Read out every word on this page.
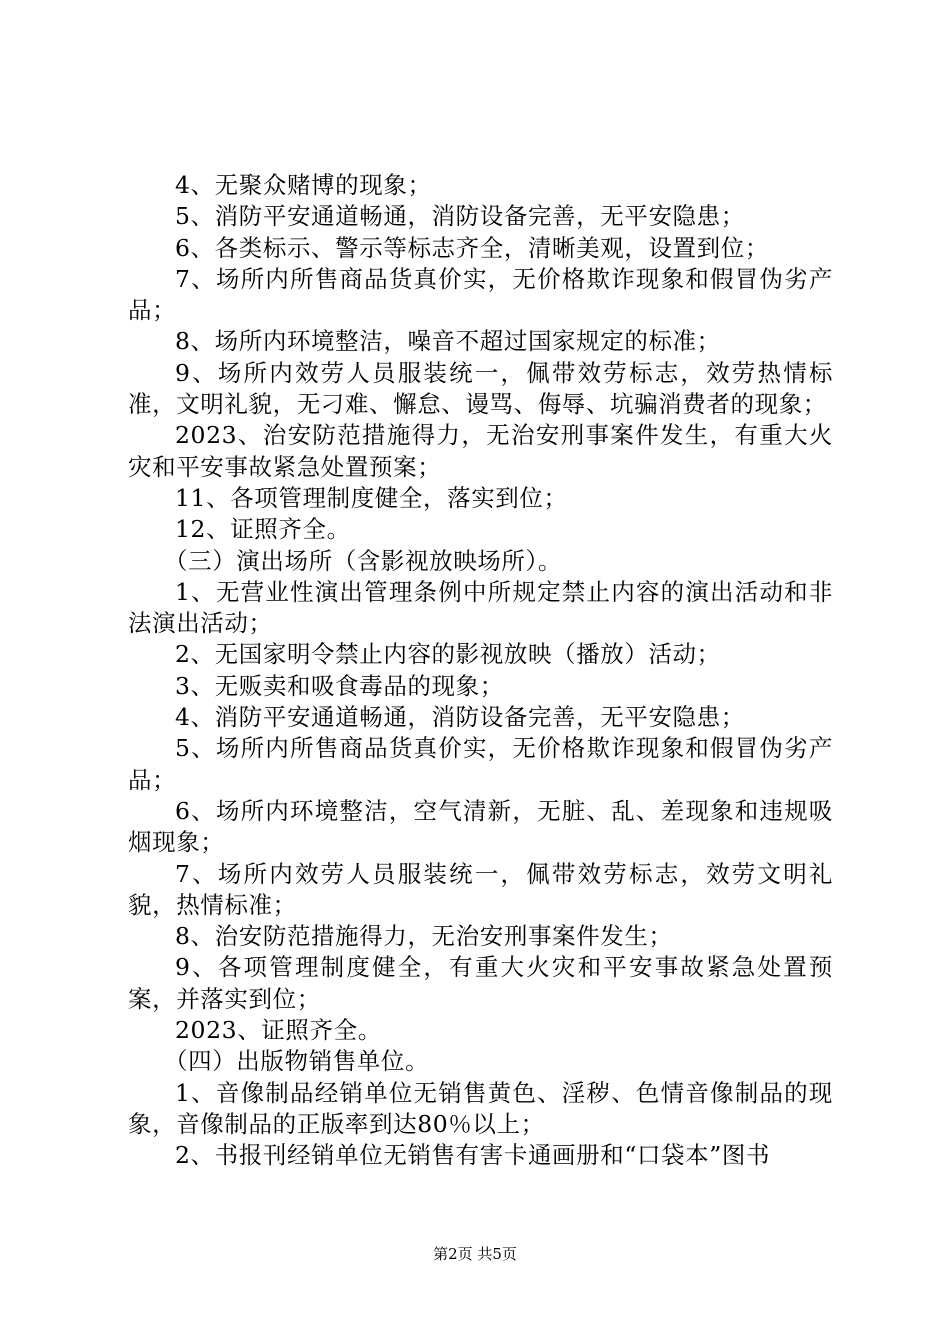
4、无聚众赌博的现象；

5、消防平安通道畅通，消防设备完善，无平安隐患；

6、各类标示、警示等标志齐全，清晰美观，设置到位；

7、场所内所售商品货真价实，无价格欺诈现象和假冒伪劣产品；

8、场所内环境整洁，噪音不超过国家规定的标准；

9、场所内效劳人员服装统一，佩带效劳标志，效劳热情标准，文明礼貌，无刁难、懈怠、谩骂、侮辱、坑骗消费者的现象；

2023、治安防范措施得力，无治安刑事案件发生，有重大火灾和平安事故紧急处置预案；

11、各项管理制度健全，落实到位；

12、证照齐全。

（三）演出场所（含影视放映场所）。

1、无营业性演出管理条例中所规定禁止内容的演出活动和非法演出活动；

2、无国家明令禁止内容的影视放映（播放）活动；

3、无贩卖和吸食毒品的现象；

4、消防平安通道畅通，消防设备完善，无平安隐患；

5、场所内所售商品货真价实，无价格欺诈现象和假冒伪劣产品；

6、场所内环境整洁，空气清新，无脏、乱、差现象和违规吸烟现象；

7、场所内效劳人员服装统一，佩带效劳标志，效劳文明礼貌，热情标准；

8、治安防范措施得力，无治安刑事案件发生；

9、各项管理制度健全，有重大火灾和平安事故紧急处置预案，并落实到位；

2023、证照齐全。

（四）出版物销售单位。

1、音像制品经销单位无销售黄色、淫秽、色情音像制品的现象，音像制品的正版率到达80％以上；

2、书报刊经销单位无销售有害卡通画册和“口袋本”图书

第2页 共5页
